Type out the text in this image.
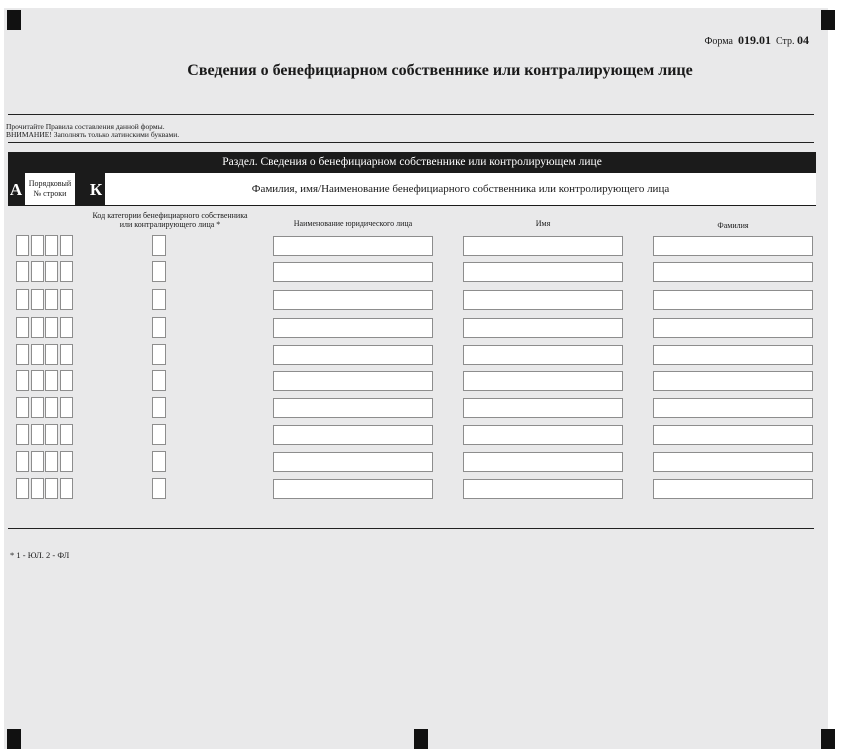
Форма 019.01 Стр. 04
Сведения о бенефициарном собственнике или контралирующем лице
Прочитайте Правила составления данной формы.
ВНИМАНИЕ! Заполнять только латинскими буквами.
Раздел. Сведения о бенефициарном собственнике или контролирующем лице
А Порядковый
№ строки К	Фамилия, имя/Наименование бенефициарного собственника или контролирующего лица
Код категории бенефициарного собственника
или контралирующего лица *	Наименование юридического лица	Имя	Фамилия
* 1 - ЮЛ. 2 - ФЛ
